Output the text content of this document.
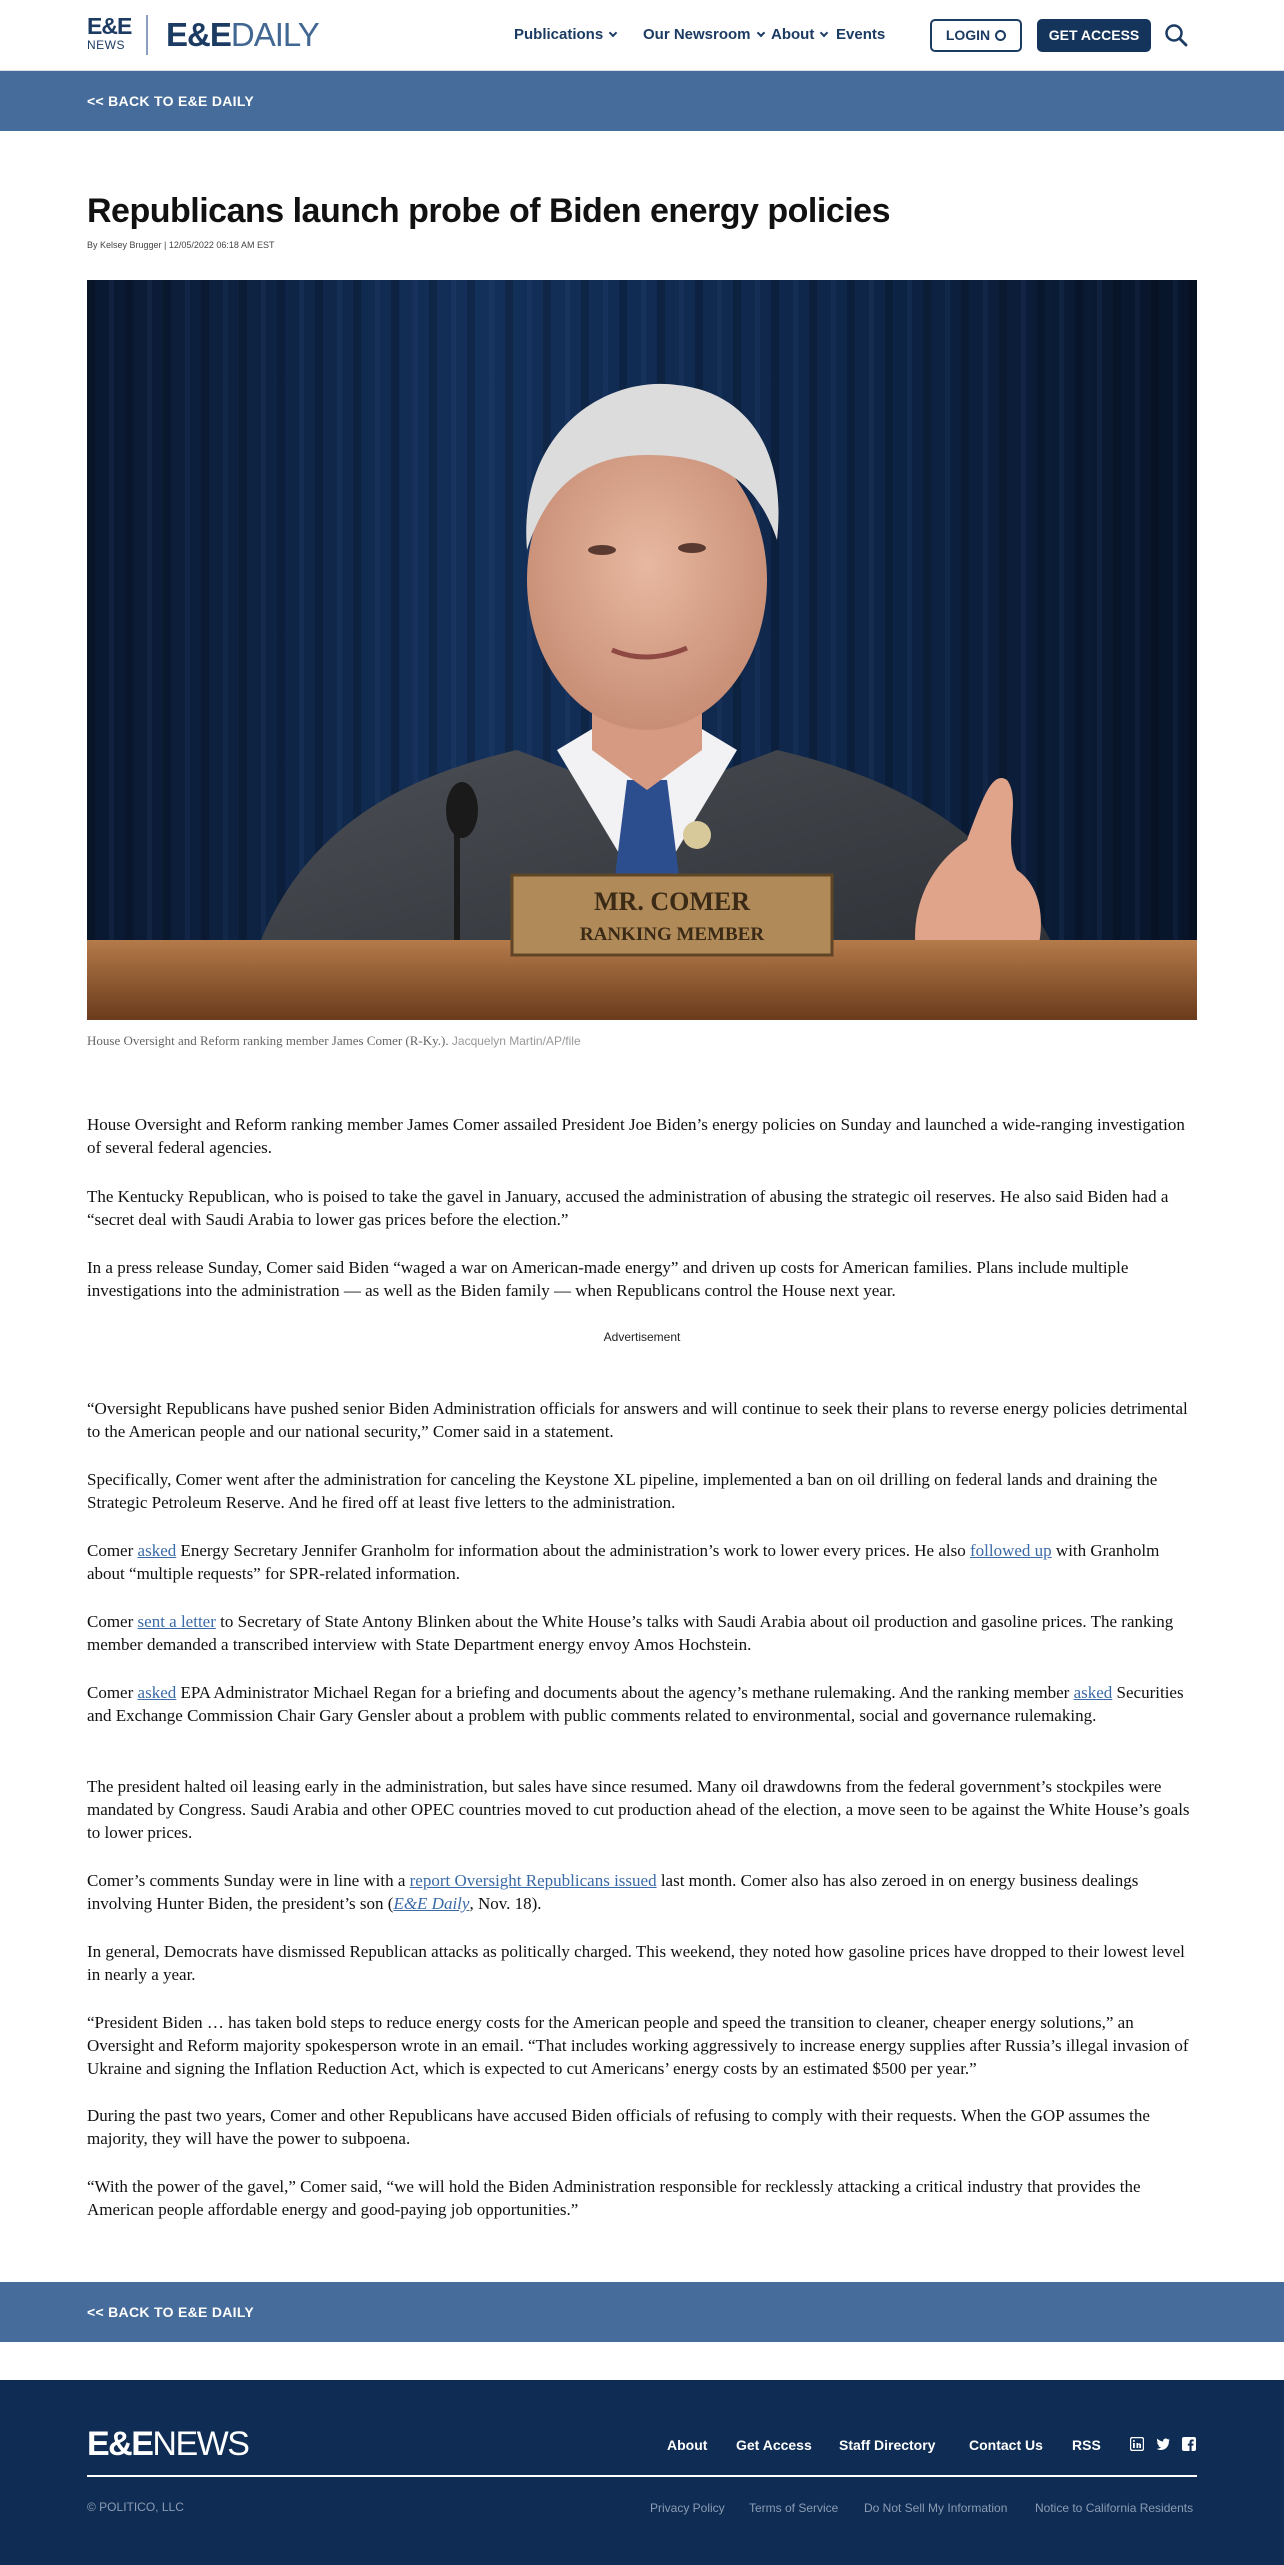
E&E
NEWS E&EDAILY	Publications	Our Newsroom	About	Events	LOGIN	GET ACCESS
<< BACK TO E&E DAILY
Republicans launch probe of Biden energy policies
By Kelsey Brugger | 12/05/2022 06:18 AM EST
MR. COMER
RANKING MEMBER
House Oversight and Reform ranking member James Comer (R-Ky.). Jacquelyn Martin/AP/file

House Oversight and Reform ranking member James Comer assailed President Joe Biden’s energy policies on Sunday and launched a wide-ranging investigation of several federal agencies.

The Kentucky Republican, who is poised to take the gavel in January, accused the administration of abusing the strategic oil reserves. He also said Biden had a “secret deal with Saudi Arabia to lower gas prices before the election.”

In a press release Sunday, Comer said Biden “waged a war on American-made energy” and driven up costs for American families. Plans include multiple investigations into the administration — as well as the Biden family — when Republicans control the House next year.

Advertisement

“Oversight Republicans have pushed senior Biden Administration officials for answers and will continue to seek their plans to reverse energy policies detrimental to the American people and our national security,” Comer said in a statement.

Specifically, Comer went after the administration for canceling the Keystone XL pipeline, implemented a ban on oil drilling on federal lands and draining the Strategic Petroleum Reserve. And he fired off at least five letters to the administration.

Comer asked Energy Secretary Jennifer Granholm for information about the administration’s work to lower every prices. He also followed up with Granholm about “multiple requests” for SPR-related information.

Comer sent a letter to Secretary of State Antony Blinken about the White House’s talks with Saudi Arabia about oil production and gasoline prices. The ranking member demanded a transcribed interview with State Department energy envoy Amos Hochstein.

Comer asked EPA Administrator Michael Regan for a briefing and documents about the agency’s methane rulemaking. And the ranking member asked Securities and Exchange Commission Chair Gary Gensler about a problem with public comments related to environmental, social and governance rulemaking.

The president halted oil leasing early in the administration, but sales have since resumed. Many oil drawdowns from the federal government’s stockpiles were mandated by Congress. Saudi Arabia and other OPEC countries moved to cut production ahead of the election, a move seen to be against the White House’s goals to lower prices.

Comer’s comments Sunday were in line with a report Oversight Republicans issued last month. Comer also has also zeroed in on energy business dealings involving Hunter Biden, the president’s son (E&E Daily, Nov. 18).

In general, Democrats have dismissed Republican attacks as politically charged. This weekend, they noted how gasoline prices have dropped to their lowest level in nearly a year.

“President Biden … has taken bold steps to reduce energy costs for the American people and speed the transition to cleaner, cheaper energy solutions,” an Oversight and Reform majority spokesperson wrote in an email. “That includes working aggressively to increase energy supplies after Russia’s illegal invasion of Ukraine and signing the Inflation Reduction Act, which is expected to cut Americans’ energy costs by an estimated $500 per year.”

During the past two years, Comer and other Republicans have accused Biden officials of refusing to comply with their requests. When the GOP assumes the majority, they will have the power to subpoena.

“With the power of the gavel,” Comer said, “we will hold the Biden Administration responsible for recklessly attacking a critical industry that provides the American people affordable energy and good-paying job opportunities.”

<< BACK TO E&E DAILY
E&ENEWS	About Get Access Staff Directory Contact Us RSS
© POLITICO, LLC	Privacy Policy Terms of Service Do Not Sell My Information Notice to California Residents
